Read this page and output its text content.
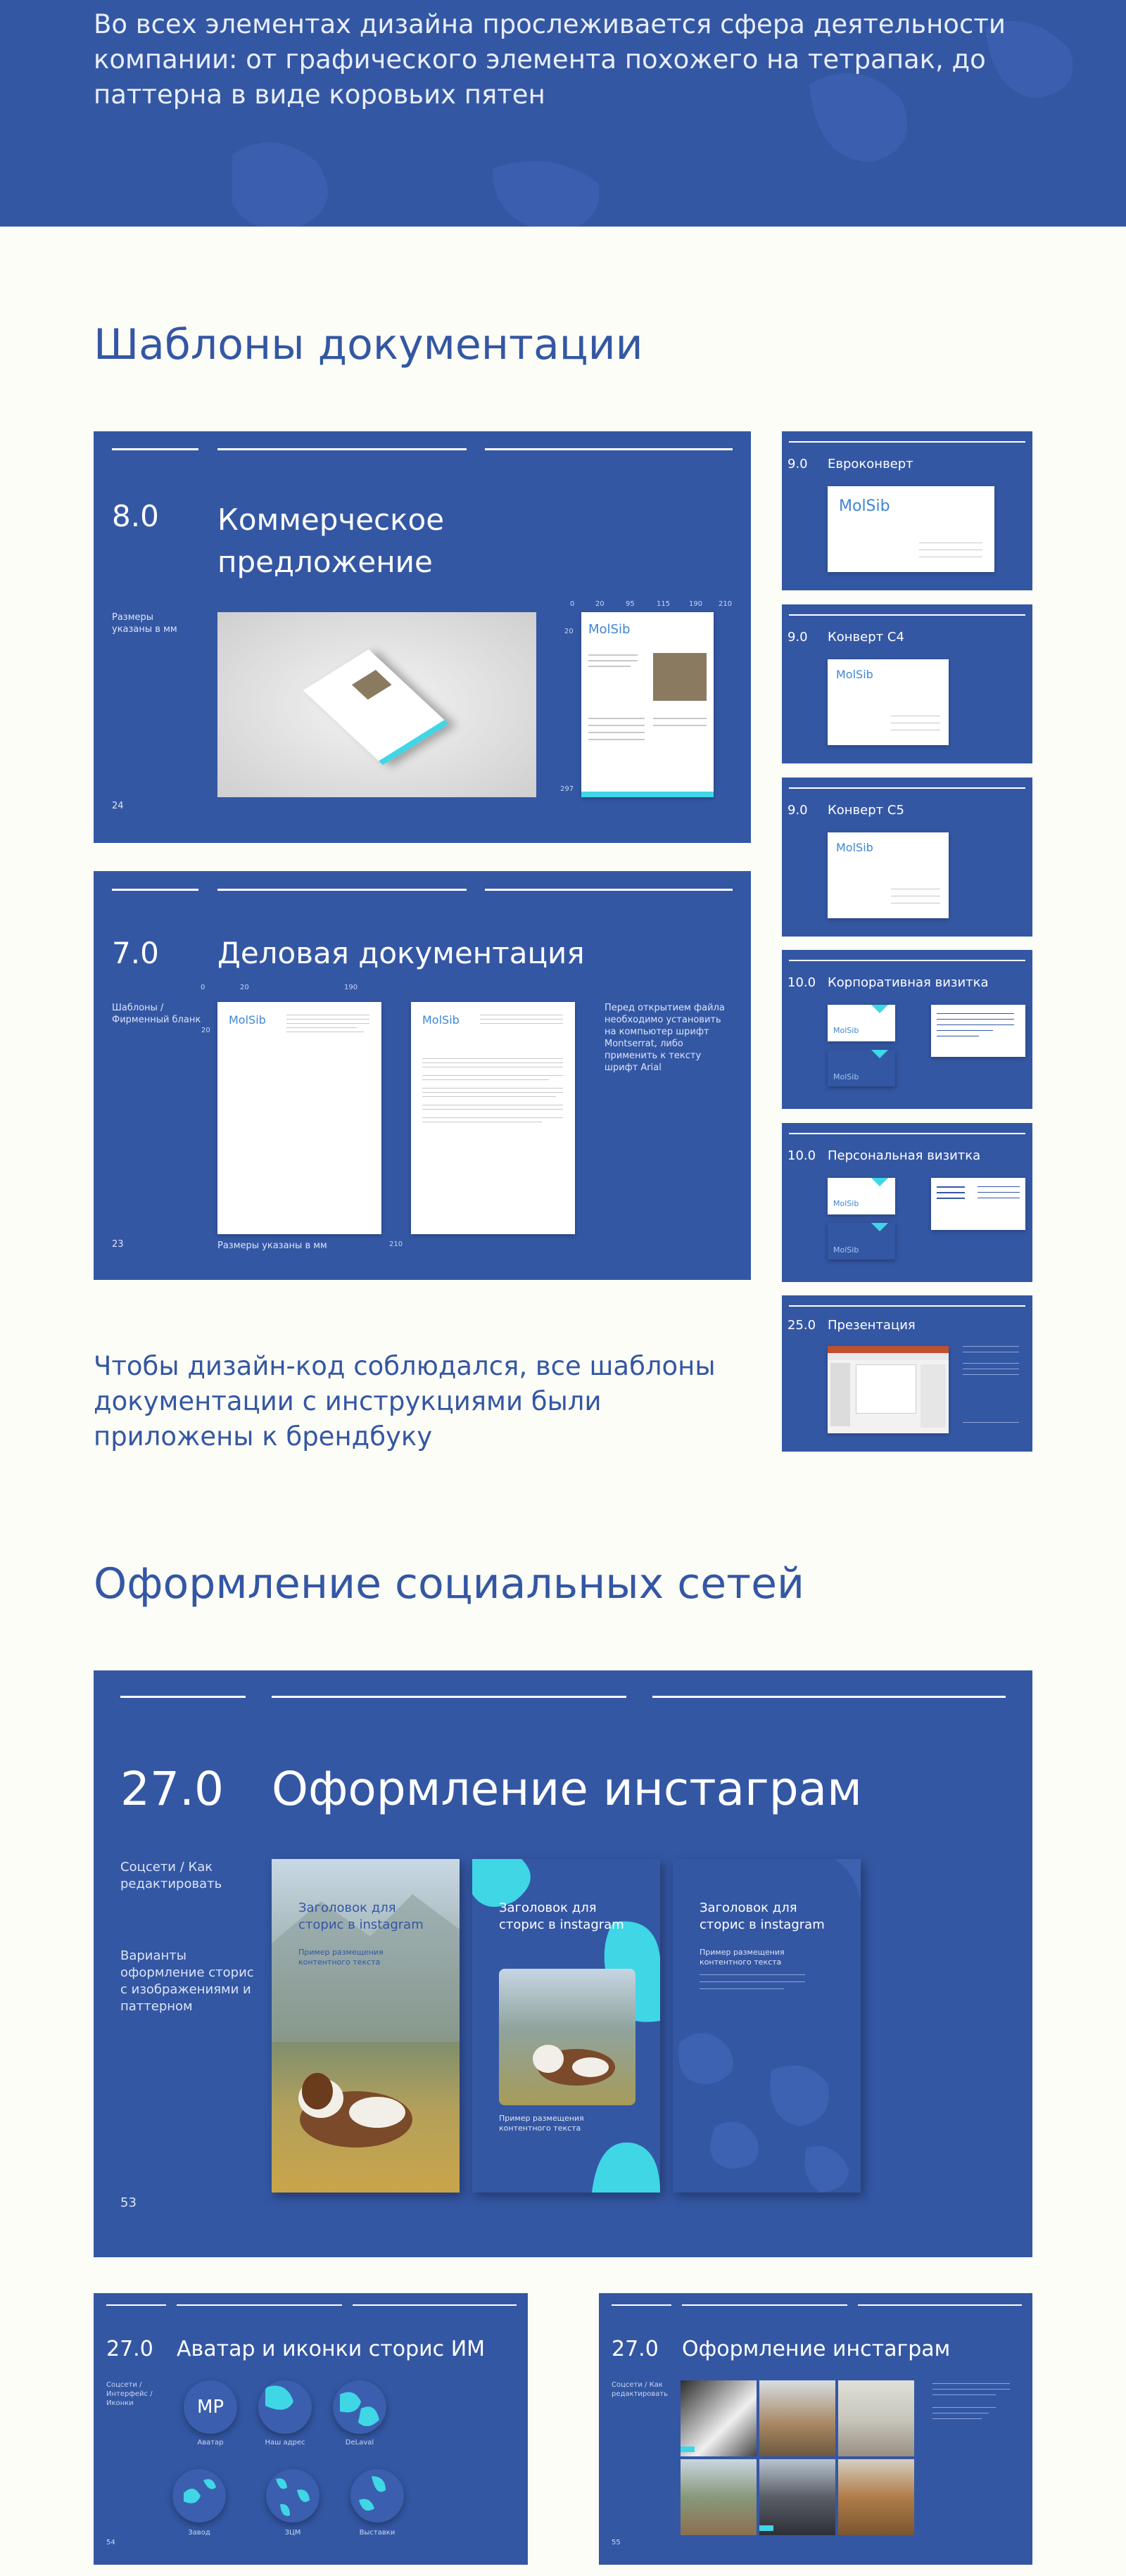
Во всех элементах дизайна прослеживается сфера деятельности компании: от графического элемента похожего на тетрапак, до паттерна в виде коровьих пятен
Шаблоны документации
8.0 Коммерческое предложение
Размеры указаны в мм
24
0	20	95	115	190 210
20
297
MolSib
7.0 Деловая документация
Шаблоны / Фирменный бланк
23
0	20	190
20
210
MolSib	MolSib
Размеры указаны в мм
Перед открытием файла необходимо установить на компьютер шрифт Montserrat, либо применить к тексту шрифт Arial
9.0 Евроконверт
MolSib
9.0 Конверт С4
MolSib
9.0 Конверт С5
MolSib
10.0 Корпоративная визитка
MolSib
MolSib
10.0 Персональная визитка
MolSib
MolSib
25.0 Презентация
Чтобы дизайн-код соблюдался, все шаблоны документации с инструкциями были приложены к брендбуку
Оформление социальных сетей
27.0 Оформление инстаграм
Соцсети / Как редактировать
Варианты оформление сторис с изображениями и паттерном
53
Заголовок для сторис в instagram
Пример размещения контентного текста
Заголовок для сторис в instagram
Пример размещения контентного текста
Заголовок для сторис в instagram
Пример размещения контентного текста
27.0 Аватар и иконки сторис ИМ
Соцсети / Интерфейс / Иконки
54
MP
Аватар	Наш адрес	DeLaval
Завод	ЗЦМ	Выставки
27.0 Оформление инстаграм
Соцсети / Как редактировать
55
